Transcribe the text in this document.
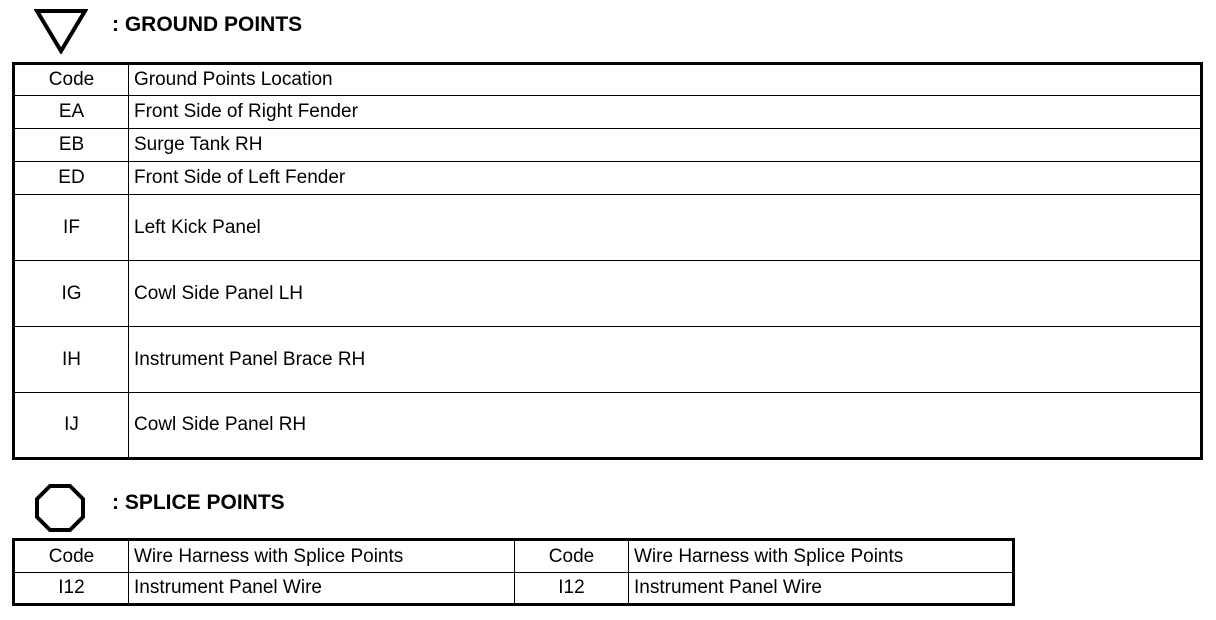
: GROUND POINTS
Code	Ground Points Location
EA	Front Side of Right Fender
EB	Surge Tank RH
ED	Front Side of Left Fender
IF	Left Kick Panel
IG	Cowl Side Panel LH
IH	Instrument Panel Brace RH
IJ	Cowl Side Panel RH
: SPLICE POINTS
Code	Wire Harness with Splice Points	Code	Wire Harness with Splice Points
I12	Instrument Panel Wire	I12	Instrument Panel Wire
